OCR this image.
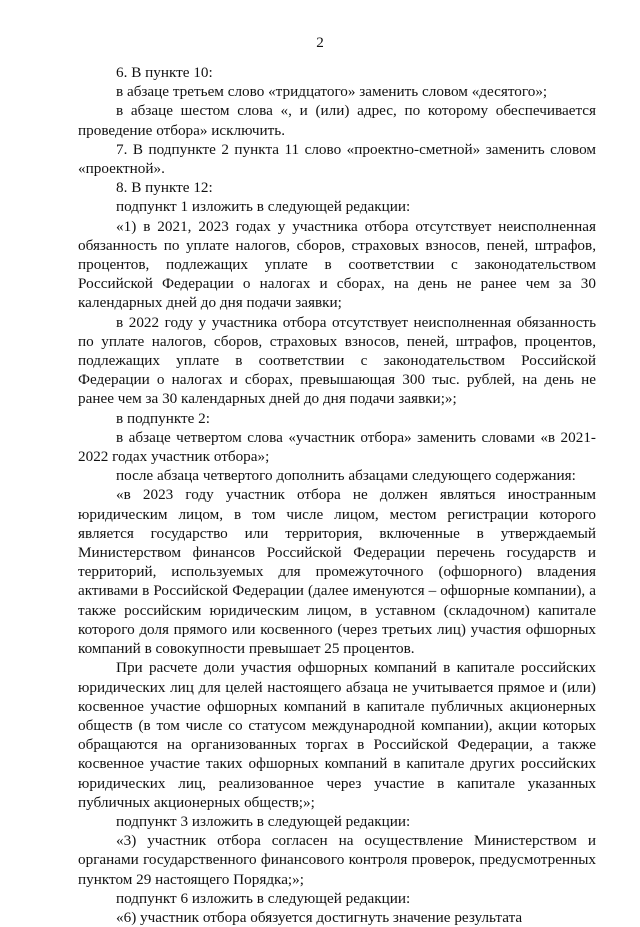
2

6. В пункте 10:

в абзаце третьем слово «тридцатого» заменить словом «десятого»;

в абзаце шестом слова «, и (или) адрес, по которому обеспечивается проведение отбора» исключить.

7. В подпункте 2 пункта 11 слово «проектно-сметной» заменить словом «проектной».

8. В пункте 12:

подпункт 1 изложить в следующей редакции:

«1) в 2021, 2023 годах у участника отбора отсутствует неисполненная обязанность по уплате налогов, сборов, страховых взносов, пеней, штрафов, процентов, подлежащих уплате в соответствии с законодательством Российской Федерации о налогах и сборах, на день не ранее чем за 30 календарных дней до дня подачи заявки;

в 2022 году у участника отбора отсутствует неисполненная обязанность по уплате налогов, сборов, страховых взносов, пеней, штрафов, процентов, подлежащих уплате в соответствии с законодательством Российской Федерации о налогах и сборах, превышающая 300 тыс. рублей, на день не ранее чем за 30 календарных дней до дня подачи заявки;»;

в подпункте 2:

в абзаце четвертом слова «участник отбора» заменить словами «в 2021-2022 годах участник отбора»;

после абзаца четвертого дополнить абзацами следующего содержания:

«в 2023 году участник отбора не должен являться иностранным юридическим лицом, в том числе лицом, местом регистрации которого является государство или территория, включенные в утверждаемый Министерством финансов Российской Федерации перечень государств и территорий, используемых для промежуточного (офшорного) владения активами в Российской Федерации (далее именуются – офшорные компании), а также российским юридическим лицом, в уставном (складочном) капитале которого доля прямого или косвенного (через третьих лиц) участия офшорных компаний в совокупности превышает 25 процентов.

При расчете доли участия офшорных компаний в капитале российских юридических лиц для целей настоящего абзаца не учитывается прямое и (или) косвенное участие офшорных компаний в капитале публичных акционерных обществ (в том числе со статусом международной компании), акции которых обращаются на организованных торгах в Российской Федерации, а также косвенное участие таких офшорных компаний в капитале других российских юридических лиц, реализованное через участие в капитале указанных публичных акционерных обществ;»;

подпункт 3 изложить в следующей редакции:

«3) участник отбора согласен на осуществление Министерством и органами государственного финансового контроля проверок, предусмотренных пунктом 29 настоящего Порядка;»;

подпункт 6 изложить в следующей редакции:

«6) участник отбора обязуется достигнуть значение результата
